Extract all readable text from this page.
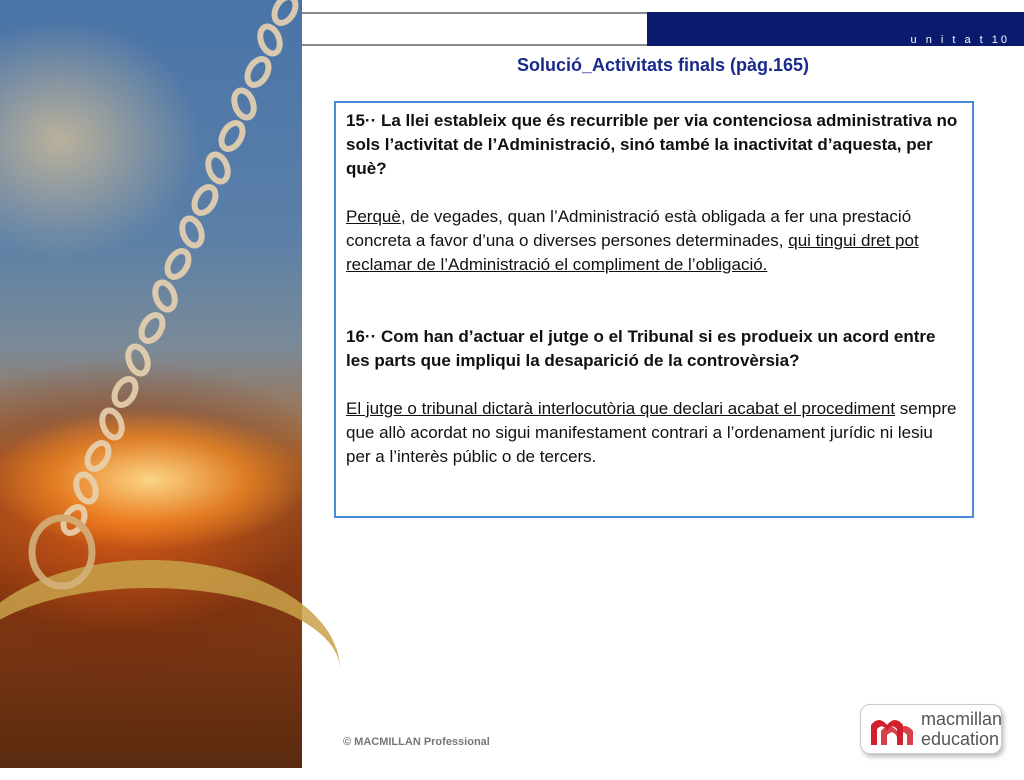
u n i t a t 10
Solució_Activitats finals (pàg.165)
15·· La llei estableix que és recurrible per via contenciosa administrativa no sols l’activitat de l’Administració, sinó també la inactivitat d’aquesta, per què?
Perquè, de vegades, quan l’Administració està obligada a fer una prestació concreta a favor d’una o diverses persones determinades, qui tingui dret pot reclamar de l’Administració el compliment de l’obligació.
16·· Com han d’actuar el jutge o el Tribunal si es produeix un acord entre les parts que impliqui la desaparició de la controvèrsia?
El jutge o tribunal dictarà interlocutòria que declari acabat el procediment sempre que allò acordat no sigui manifestament contrari a l’ordenament jurídic ni lesiu per a l’interès públic o de tercers.
© MACMILLAN Professional
macmillan
education
